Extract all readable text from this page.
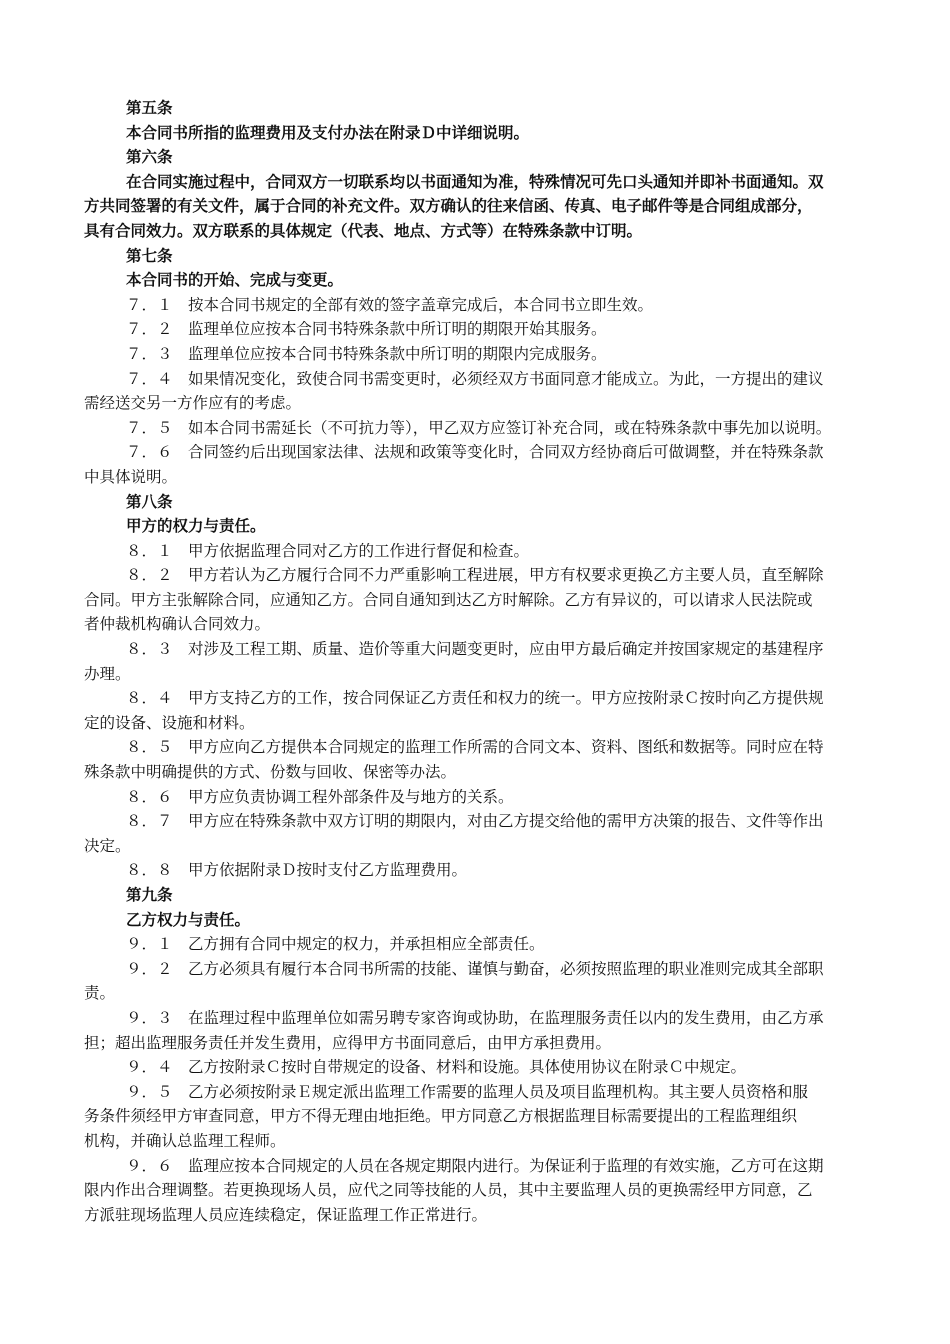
第五条
本合同书所指的监理费用及支付办法在附录Ｄ中详细说明。
第六条
在合同实施过程中，合同双方一切联系均以书面通知为准，特殊情况可先口头通知并即补书面通知。双
方共同签署的有关文件，属于合同的补充文件。双方确认的往来信函、传真、电子邮件等是合同组成部分，
具有合同效力。双方联系的具体规定（代表、地点、方式等）在特殊条款中订明。
第七条
本合同书的开始、完成与变更。
７．１　按本合同书规定的全部有效的签字盖章完成后，本合同书立即生效。
７．２　监理单位应按本合同书特殊条款中所订明的期限开始其服务。
７．３　监理单位应按本合同书特殊条款中所订明的期限内完成服务。
７．４　如果情况变化，致使合同书需变更时，必须经双方书面同意才能成立。为此，一方提出的建议
需经送交另一方作应有的考虑。
７．５　如本合同书需延长（不可抗力等），甲乙双方应签订补充合同，或在特殊条款中事先加以说明。
７．６　合同签约后出现国家法律、法规和政策等变化时，合同双方经协商后可做调整，并在特殊条款
中具体说明。
第八条
甲方的权力与责任。
８．１　甲方依据监理合同对乙方的工作进行督促和检查。
８．２　甲方若认为乙方履行合同不力严重影响工程进展，甲方有权要求更换乙方主要人员，直至解除
合同。甲方主张解除合同，应通知乙方。合同自通知到达乙方时解除。乙方有异议的，可以请求人民法院或
者仲裁机构确认合同效力。
８．３　对涉及工程工期、质量、造价等重大问题变更时，应由甲方最后确定并按国家规定的基建程序
办理。
８．４　甲方支持乙方的工作，按合同保证乙方责任和权力的统一。甲方应按附录Ｃ按时向乙方提供规
定的设备、设施和材料。
８．５　甲方应向乙方提供本合同规定的监理工作所需的合同文本、资料、图纸和数据等。同时应在特
殊条款中明确提供的方式、份数与回收、保密等办法。
８．６　甲方应负责协调工程外部条件及与地方的关系。
８．７　甲方应在特殊条款中双方订明的期限内，对由乙方提交给他的需甲方决策的报告、文件等作出
决定。
８．８　甲方依据附录Ｄ按时支付乙方监理费用。
第九条
乙方权力与责任。
９．１　乙方拥有合同中规定的权力，并承担相应全部责任。
９．２　乙方必须具有履行本合同书所需的技能、谨慎与勤奋，必须按照监理的职业准则完成其全部职
责。
９．３　在监理过程中监理单位如需另聘专家咨询或协助，在监理服务责任以内的发生费用，由乙方承
担；超出监理服务责任并发生费用，应得甲方书面同意后，由甲方承担费用。
９．４　乙方按附录Ｃ按时自带规定的设备、材料和设施。具体使用协议在附录Ｃ中规定。
９．５　乙方必须按附录Ｅ规定派出监理工作需要的监理人员及项目监理机构。其主要人员资格和服
务条件须经甲方审查同意，甲方不得无理由地拒绝。甲方同意乙方根据监理目标需要提出的工程监理组织
机构，并确认总监理工程师。
９．６　监理应按本合同规定的人员在各规定期限内进行。为保证利于监理的有效实施，乙方可在这期
限内作出合理调整。若更换现场人员，应代之同等技能的人员，其中主要监理人员的更换需经甲方同意，乙
方派驻现场监理人员应连续稳定，保证监理工作正常进行。
